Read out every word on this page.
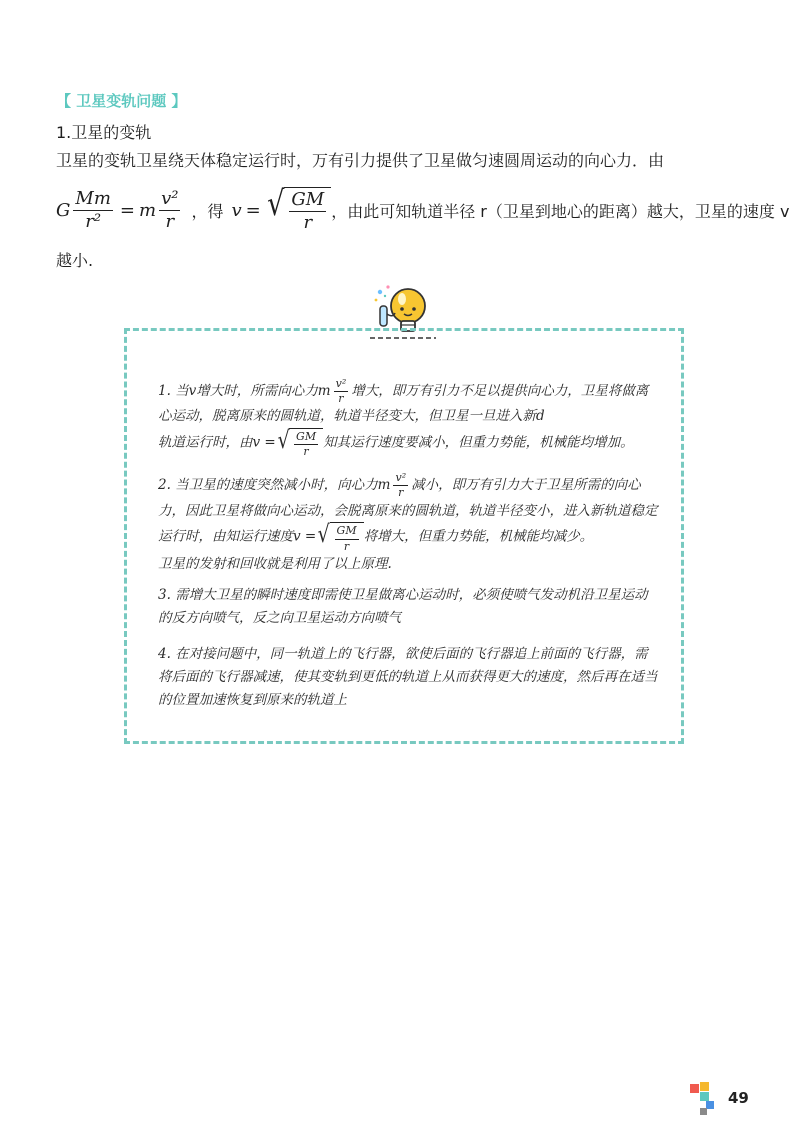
【 卫星变轨问题 】

1.卫星的变轨

卫星的变轨卫星绕天体稳定运行时，万有引力提供了卫星做匀速圆周运动的向心力．由

G $\frac{Mm}{\text{r²}} = m \frac{\text{v²}}{r}$ ，得 v = √ $\frac{GM}{r}$ ，由此可知轨道半径 r（卫星到地心的距离）越大，卫星的速度 v

越小.

1. 当v增大时，所需向心力m $\frac{\text{v²}}{r}$ 增大，即万有引力不足以提供向心力，卫星将做离心运动，脱离原来的圆轨道，轨道半径变大，但卫星一旦进入新d
轨道运行时，由v = √ $\frac{GM}{r}$ 知其运行速度要减小，但重力势能，机械能均增加。

2. 当卫星的速度突然减小时，向心力m $\frac{\text{v²}}{r}$ 减小，即万有引力大于卫星所需的向心力，因此卫星将做向心运动，会脱离原来的圆轨道，轨道半径变小，进入新轨道稳定运行时，由知运行速度v = √ $\frac{GM}{r}$ 将增大，但重力势能，机械能均减少。
卫星的发射和回收就是利用了以上原理.

3. 需增大卫星的瞬时速度即需使卫星做离心运动时，必须使喷气发动机沿卫星运动的反方向喷气，反之向卫星运动方向喷气

4. 在对接问题中，同一轨道上的飞行器，欲使后面的飞行器追上前面的飞行器，需将后面的飞行器减速，使其变轨到更低的轨道上从而获得更大的速度，然后再在适当的位置加速恢复到原来的轨道上

49
